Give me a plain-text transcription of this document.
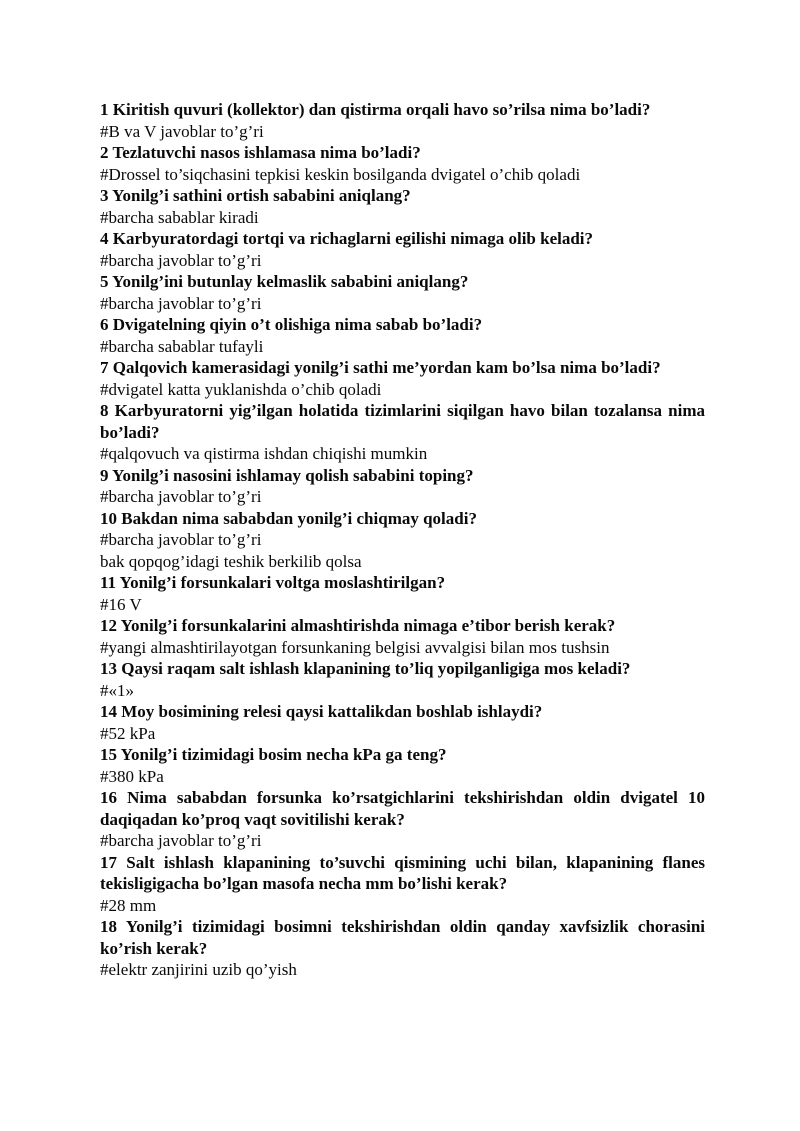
1 Kiritish quvuri (kollektor) dan qistirma orqali havo so’rilsa nima bo’ladi?

#B va V javoblar to’g’ri

2 Tezlatuvchi nasos ishlamasa nima bo’ladi?

#Drossel to’siqchasini tepkisi keskin bosilganda dvigatel o’chib qoladi

3 Yonilg’i sathini ortish sababini aniqlang?

#barcha sabablar kiradi

4 Karbyuratordagi tortqi va richaglarni egilishi nimaga olib keladi?

#barcha javoblar to’g’ri

5 Yonilg’ini butunlay kelmaslik sababini aniqlang?

#barcha javoblar to’g’ri

6 Dvigatelning qiyin o’t olishiga nima sabab bo’ladi?

#barcha sabablar tufayli

7 Qalqovich kamerasidagi yonilg’i sathi me’yordan kam bo’lsa nima bo’ladi?

#dvigatel katta yuklanishda o’chib qoladi

8 Karbyuratorni yig’ilgan holatida tizimlarini siqilgan havo bilan tozalansa nima bo’ladi?

#qalqovuch va qistirma ishdan chiqishi mumkin

9 Yonilg’i nasosini ishlamay qolish sababini toping?

#barcha javoblar to’g’ri

10 Bakdan nima sababdan yonilg’i chiqmay qoladi?

#barcha javoblar to’g’ri

bak qopqog’idagi teshik berkilib qolsa

11 Yonilg’i forsunkalari voltga moslashtirilgan?

#16 V

12 Yonilg’i forsunkalarini almashtirishda nimaga e’tibor berish kerak?

#yangi almashtirilayotgan forsunkaning belgisi avvalgisi bilan mos tushsin

13 Qaysi raqam salt ishlash klapanining to’liq yopilganligiga mos keladi?

#«1»

14 Moy bosimining relesi qaysi kattalikdan boshlab ishlaydi?

#52 kPa

15 Yonilg’i tizimidagi bosim necha kPa ga teng?

#380 kPa

16 Nima sababdan forsunka ko’rsatgichlarini tekshirishdan oldin dvigatel 10 daqiqadan ko’proq vaqt sovitilishi kerak?

#barcha javoblar to’g’ri

17 Salt ishlash klapanining to’suvchi qismining uchi bilan, klapanining flanes tekisligigacha bo’lgan masofa necha mm bo’lishi kerak?

#28 mm

18 Yonilg’i tizimidagi bosimni tekshirishdan oldin qanday xavfsizlik chorasini ko’rish kerak?

#elektr zanjirini uzib qo’yish
